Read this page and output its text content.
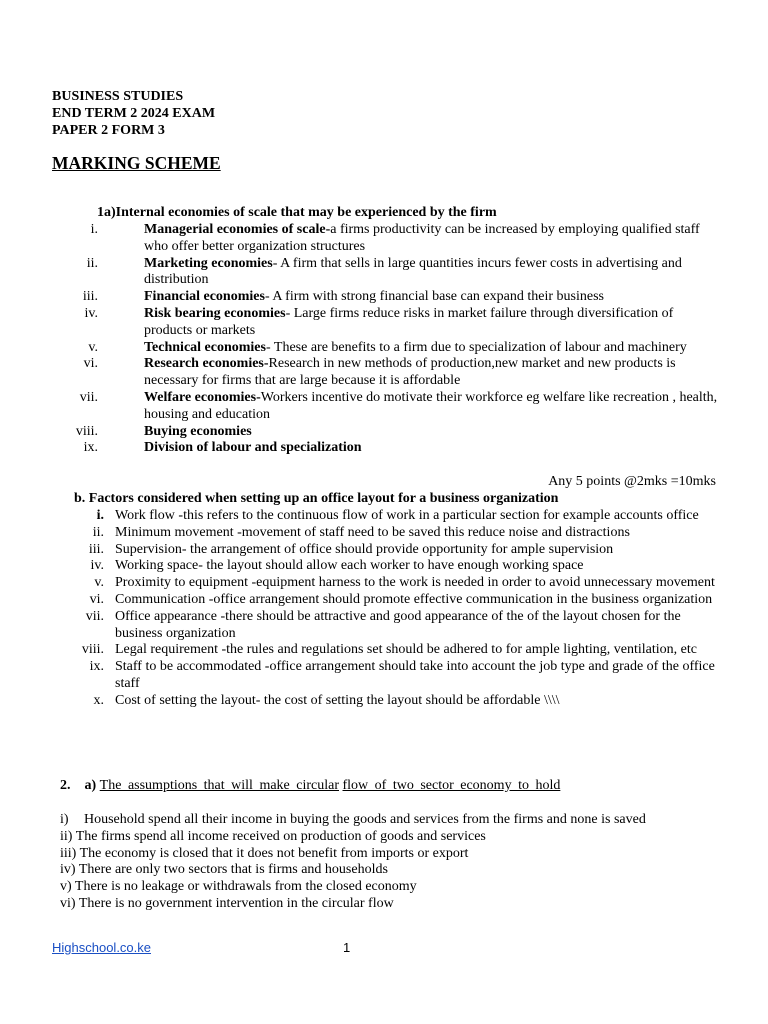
BUSINESS STUDIES
END TERM 2 2024 EXAM
PAPER 2 FORM 3
MARKING SCHEME
1a)Internal economies of scale that may be experienced by the firm
i.	Managerial economies of scale-a firms productivity can be increased by employing qualified staff who offer better organization structures
ii.	Marketing economies- A firm that sells in large quantities incurs fewer costs in advertising and distribution
iii.	Financial economies- A firm with strong financial base can expand their business
iv.	Risk bearing economies- Large firms reduce risks in market failure through diversification of products or markets
v.	Technical economies- These are benefits to a firm due to specialization of labour and machinery
vi.	Research economies-Research in new methods of production,new market and new products is necessary for firms that are large because it is affordable
vii.	Welfare economies-Workers incentive do motivate their workforce eg welfare like recreation , health, housing and education
viii.	Buying economies
ix.	Division of labour and specialization
Any 5 points @2mks =10mks
b. Factors considered when setting up an office layout for a business organization
i. Work flow -this refers to the continuous flow of work in a particular section for example accounts office
ii. Minimum movement -movement of staff need to be saved this reduce noise and distractions
iii. Supervision- the arrangement of office should provide opportunity for ample supervision
iv. Working space- the layout should allow each worker to have enough working space
v. Proximity to equipment -equipment harness to the work is needed in order to avoid unnecessary movement
vi. Communication -office arrangement should promote effective communication in the business organization
vii. Office appearance -there should be attractive and good appearance of the of the layout chosen for the business organization
viii. Legal requirement -the rules and regulations set should be adhered to for ample lighting, ventilation, etc
ix. Staff to be accommodated -office arrangement should take into account the job type and grade of the office staff
x. Cost of setting the layout- the cost of setting the layout should be affordable \\\\
2. a) The assumptions that will make circular flow of two sector economy to hold
i) Household spend all their income in buying the goods and services from the firms and none is saved
ii) The firms spend all income received on production of goods and services
iii) The economy is closed that it does not benefit from imports or export
iv) There are only two sectors that is firms and households
v) There is no leakage or withdrawals from the closed economy
vi) There is no government intervention in the circular flow
Highschool.co.ke	1
